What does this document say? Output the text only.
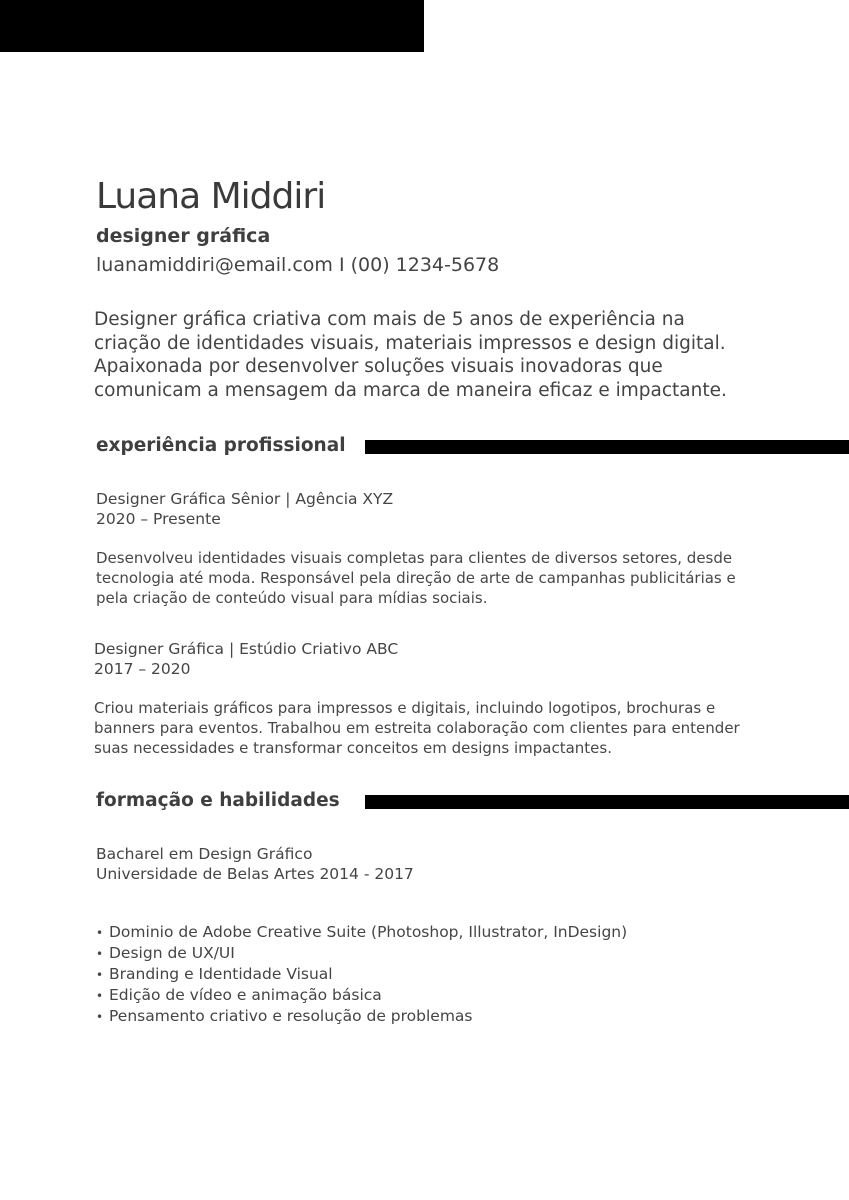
Luana Middiri
designer gráfica
luanamiddiri@email.com I (00) 1234-5678

Designer gráfica criativa com mais de 5 anos de experiência na criação de identidades visuais, materiais impressos e design digital. Apaixonada por desenvolver soluções visuais inovadoras que comunicam a mensagem da marca de maneira eficaz e impactante.

experiência profissional
Designer Gráfica Sênior | Agência XYZ
2020 – Presente
Desenvolveu identidades visuais completas para clientes de diversos setores, desde tecnologia até moda. Responsável pela direção de arte de campanhas publicitárias e pela criação de conteúdo visual para mídias sociais.
Designer Gráfica | Estúdio Criativo ABC
2017 – 2020
Criou materiais gráficos para impressos e digitais, incluindo logotipos, brochuras e banners para eventos. Trabalhou em estreita colaboração com clientes para entender suas necessidades e transformar conceitos em designs impactantes.
formação e habilidades
Bacharel em Design Gráfico
Universidade de Belas Artes 2014 - 2017
• Dominio de Adobe Creative Suite (Photoshop, Illustrator, InDesign)
• Design de UX/UI
• Branding e Identidade Visual
• Edição de vídeo e animação básica
• Pensamento criativo e resolução de problemas
